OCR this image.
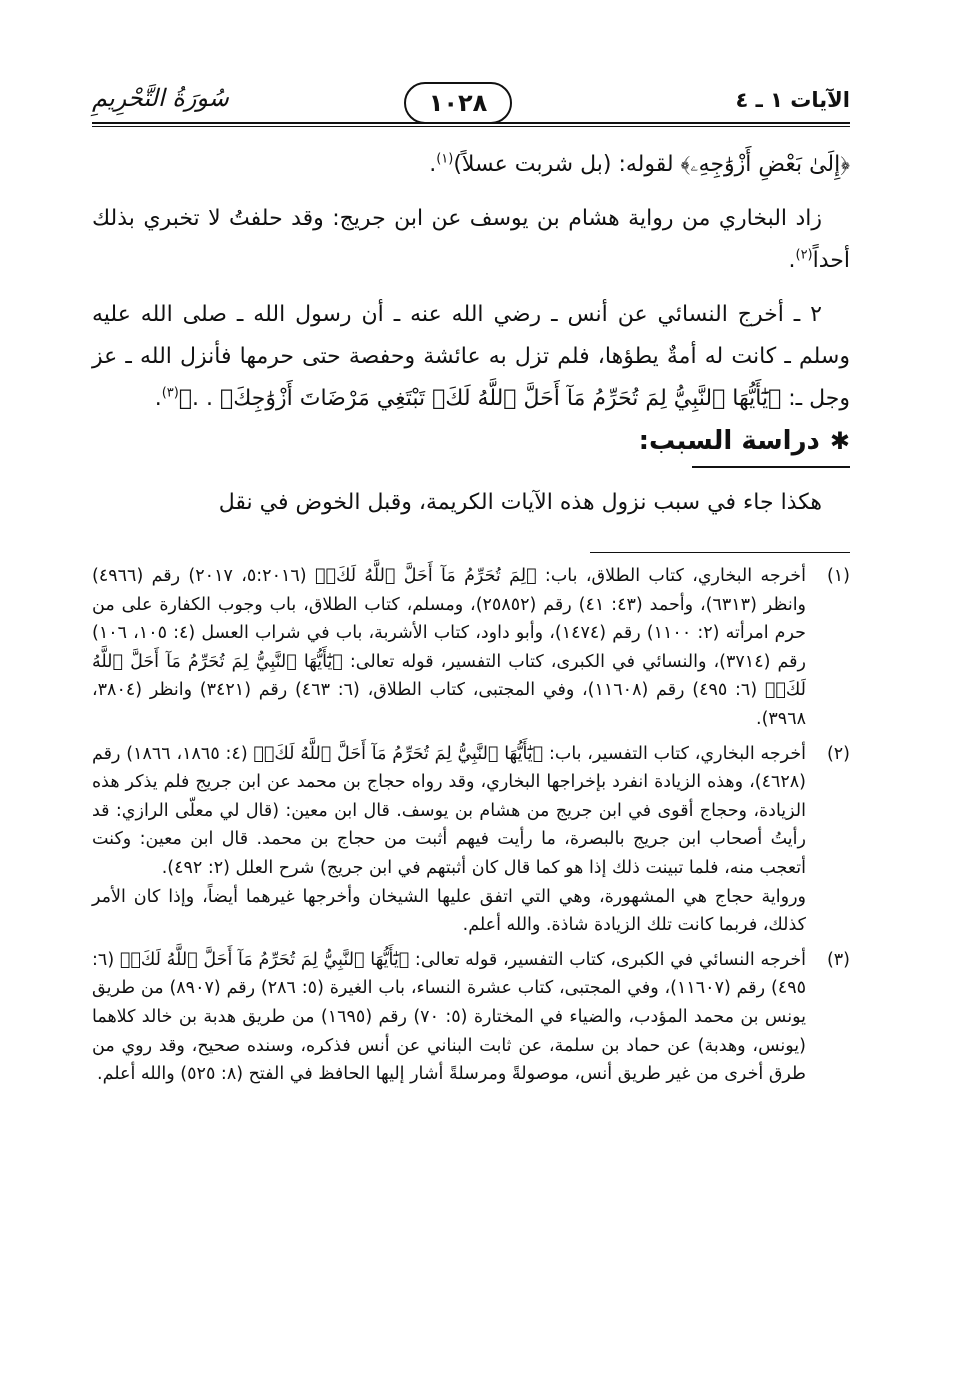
الآيات ١ ـ ٤
١٠٢٨
سُورَةُ التَّحْرِيمِ

﴿إِلَىٰ بَعْضِ أَزْوَٰجِهِۦ﴾ لقوله: (بل شربت عسلاً)$^{(١)}$.

زاد البخاري من رواية هشام بن يوسف عن ابن جريج: وقد حلفتُ لا تخبري بذلك أحداً$^{(٢)}$.

٢ ـ أخرج النسائي عن أنس ـ رضي الله عنه ـ أن رسول الله ـ صلى الله عليه وسلم ـ كانت له أمةٌ يطؤها، فلم تزل به عائشة وحفصة حتى حرمها فأنزل الله ـ عز وجل ـ: ﴿يَٰٓأَيُّهَا ٱلنَّبِيُّ لِمَ تُحَرِّمُ مَآ أَحَلَّ ٱللَّهُ لَكَۖ تَبْتَغِي مَرْضَاتَ أَزْوَٰجِكَۚ . .﴾$^{(٣)}$.

✱
دراسة السبب:
هكذا جاء في سبب نزول هذه الآيات الكريمة، وقبل الخوض في نقل
(١)
أخرجه البخاري، كتاب الطلاق، باب: ﴿لِمَ تُحَرِّمُ مَآ أَحَلَّ ٱللَّهُ لَكَۖ﴾ (٥:٢٠١٦، ٢٠١٧) رقم (٤٩٦٦) وانظر (٦٣١٣)، وأحمد (٤٣: ٤١) رقم (٢٥٨٥٢)، ومسلم، كتاب الطلاق، باب وجوب الكفارة على من حرم امرأته (٢: ١١٠٠) رقم (١٤٧٤)، وأبو داود، كتاب الأشربة، باب في شراب العسل (٤: ١٠٥، ١٠٦) رقم (٣٧١٤)، والنسائي في الكبرى، كتاب التفسير، قوله تعالى: ﴿يَٰٓأَيُّهَا ٱلنَّبِيُّ لِمَ تُحَرِّمُ مَآ أَحَلَّ ٱللَّهُ لَكَۖ﴾ (٦: ٤٩٥) رقم (١١٦٠٨)، وفي المجتبى، كتاب الطلاق، (٦: ٤٦٣) رقم (٣٤٢١) وانظر (٣٨٠٤، ٣٩٦٨).
(٢)

أخرجه البخاري، كتاب التفسير، باب: ﴿يَٰٓأَيُّهَا ٱلنَّبِيُّ لِمَ تُحَرِّمُ مَآ أَحَلَّ ٱللَّهُ لَكَۖ﴾ (٤: ١٨٦٥، ١٨٦٦) رقم (٤٦٢٨)، وهذه الزيادة انفرد بإخراجها البخاري، وقد رواه حجاج بن محمد عن ابن جريج فلم يذكر هذه الزيادة، وحجاج أقوى في ابن جريج من هشام بن يوسف. قال ابن معين: (قال لي معلّى الرازي: قد رأيتُ أصحاب ابن جريج بالبصرة، ما رأيت فيهم أثبت من حجاج بن محمد. قال ابن معين: وكنت أتعجب منه، فلما تبينت ذلك إذا هو كما قال كان أثبتهم في ابن جريج) شرح العلل (٢: ٤٩٢).

ورواية حجاج هي المشهورة، وهي التي اتفق عليها الشيخان وأخرجها غيرهما أيضاً، وإذا كان الأمر كذلك، فربما كانت تلك الزيادة شاذة. والله أعلم.

(٣)
أخرجه النسائي في الكبرى، كتاب التفسير، قوله تعالى: ﴿يَٰٓأَيُّهَا ٱلنَّبِيُّ لِمَ تُحَرِّمُ مَآ أَحَلَّ ٱللَّهُ لَكَۖ﴾ (٦: ٤٩٥) رقم (١١٦٠٧)، وفي المجتبى، كتاب عشرة النساء، باب الغيرة (٥: ٢٨٦) رقم (٨٩٠٧) من طريق يونس بن محمد المؤدب، والضياء في المختارة (٥: ٧٠) رقم (١٦٩٥) من طريق هدبة بن خالد كلاهما (يونس، وهدبة) عن حماد بن سلمة، عن ثابت البناني عن أنس فذكره، وسنده صحيح، وقد روي من طرق أخرى من غير طريق أنس، موصولةً ومرسلةً أشار إليها الحافظ في الفتح (٨: ٥٢٥) والله أعلم.
